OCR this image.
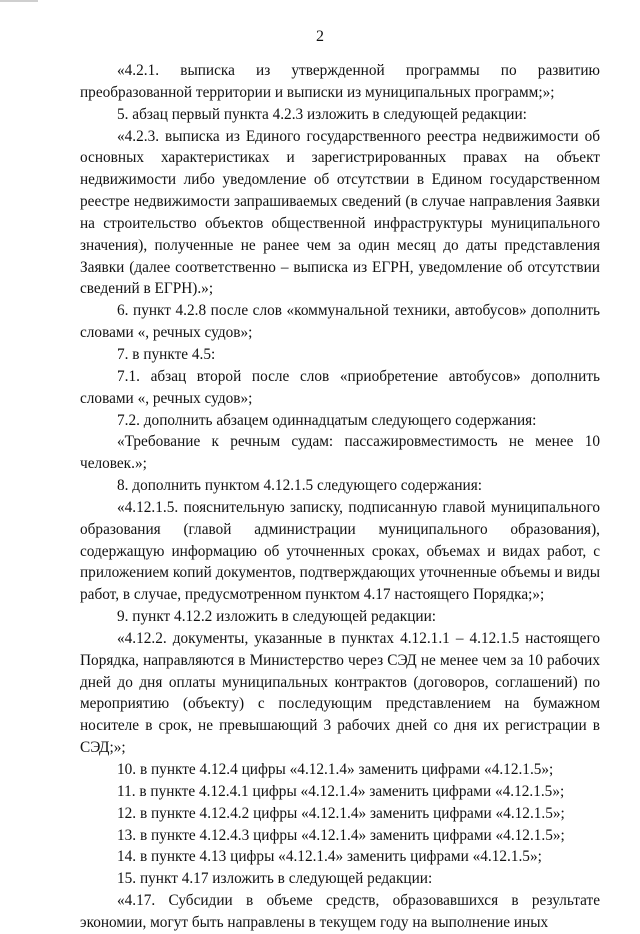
2

«4.2.1. выписка из утвержденной программы по развитию преобразованной территории и выписки из муниципальных программ;»;

5. абзац первый пункта 4.2.3 изложить в следующей редакции:

«4.2.3. выписка из Единого государственного реестра недвижимости об основных характеристиках и зарегистрированных правах на объект недвижимости либо уведомление об отсутствии в Едином государственном реестре недвижимости запрашиваемых сведений (в случае направления Заявки на строительство объектов общественной инфраструктуры муниципального значения), полученные не ранее чем за один месяц до даты представления Заявки (далее соответственно – выписка из ЕГРН, уведомление об отсутствии сведений в ЕГРН).»;

6. пункт 4.2.8 после слов «коммунальной техники, автобусов» дополнить словами «, речных судов»;

7. в пункте 4.5:

7.1. абзац второй после слов «приобретение автобусов» дополнить словами «, речных судов»;

7.2. дополнить абзацем одиннадцатым следующего содержания:

«Требование к речным судам: пассажировместимость не менее 10 человек.»;

8. дополнить пунктом 4.12.1.5 следующего содержания:

«4.12.1.5. пояснительную записку, подписанную главой муниципального образования (главой администрации муниципального образования), содержащую информацию об уточненных сроках, объемах и видах работ, с приложением копий документов, подтверждающих уточненные объемы и виды работ, в случае, предусмотренном пунктом 4.17 настоящего Порядка;»;

9. пункт 4.12.2 изложить в следующей редакции:

«4.12.2. документы, указанные в пунктах 4.12.1.1 – 4.12.1.5 настоящего Порядка, направляются в Министерство через СЭД не менее чем за 10 рабочих дней до дня оплаты муниципальных контрактов (договоров, соглашений) по мероприятию (объекту) с последующим представлением на бумажном носителе в срок, не превышающий 3 рабочих дней со дня их регистрации в СЭД;»;

10. в пункте 4.12.4 цифры «4.12.1.4» заменить цифрами «4.12.1.5»;

11. в пункте 4.12.4.1 цифры «4.12.1.4» заменить цифрами «4.12.1.5»;

12. в пункте 4.12.4.2 цифры «4.12.1.4» заменить цифрами «4.12.1.5»;

13. в пункте 4.12.4.3 цифры «4.12.1.4» заменить цифрами «4.12.1.5»;

14. в пункте 4.13 цифры «4.12.1.4» заменить цифрами «4.12.1.5»;

15. пункт 4.17 изложить в следующей редакции:

«4.17. Субсидии в объеме средств, образовавшихся в результате экономии, могут быть направлены в текущем году на выполнение иных
